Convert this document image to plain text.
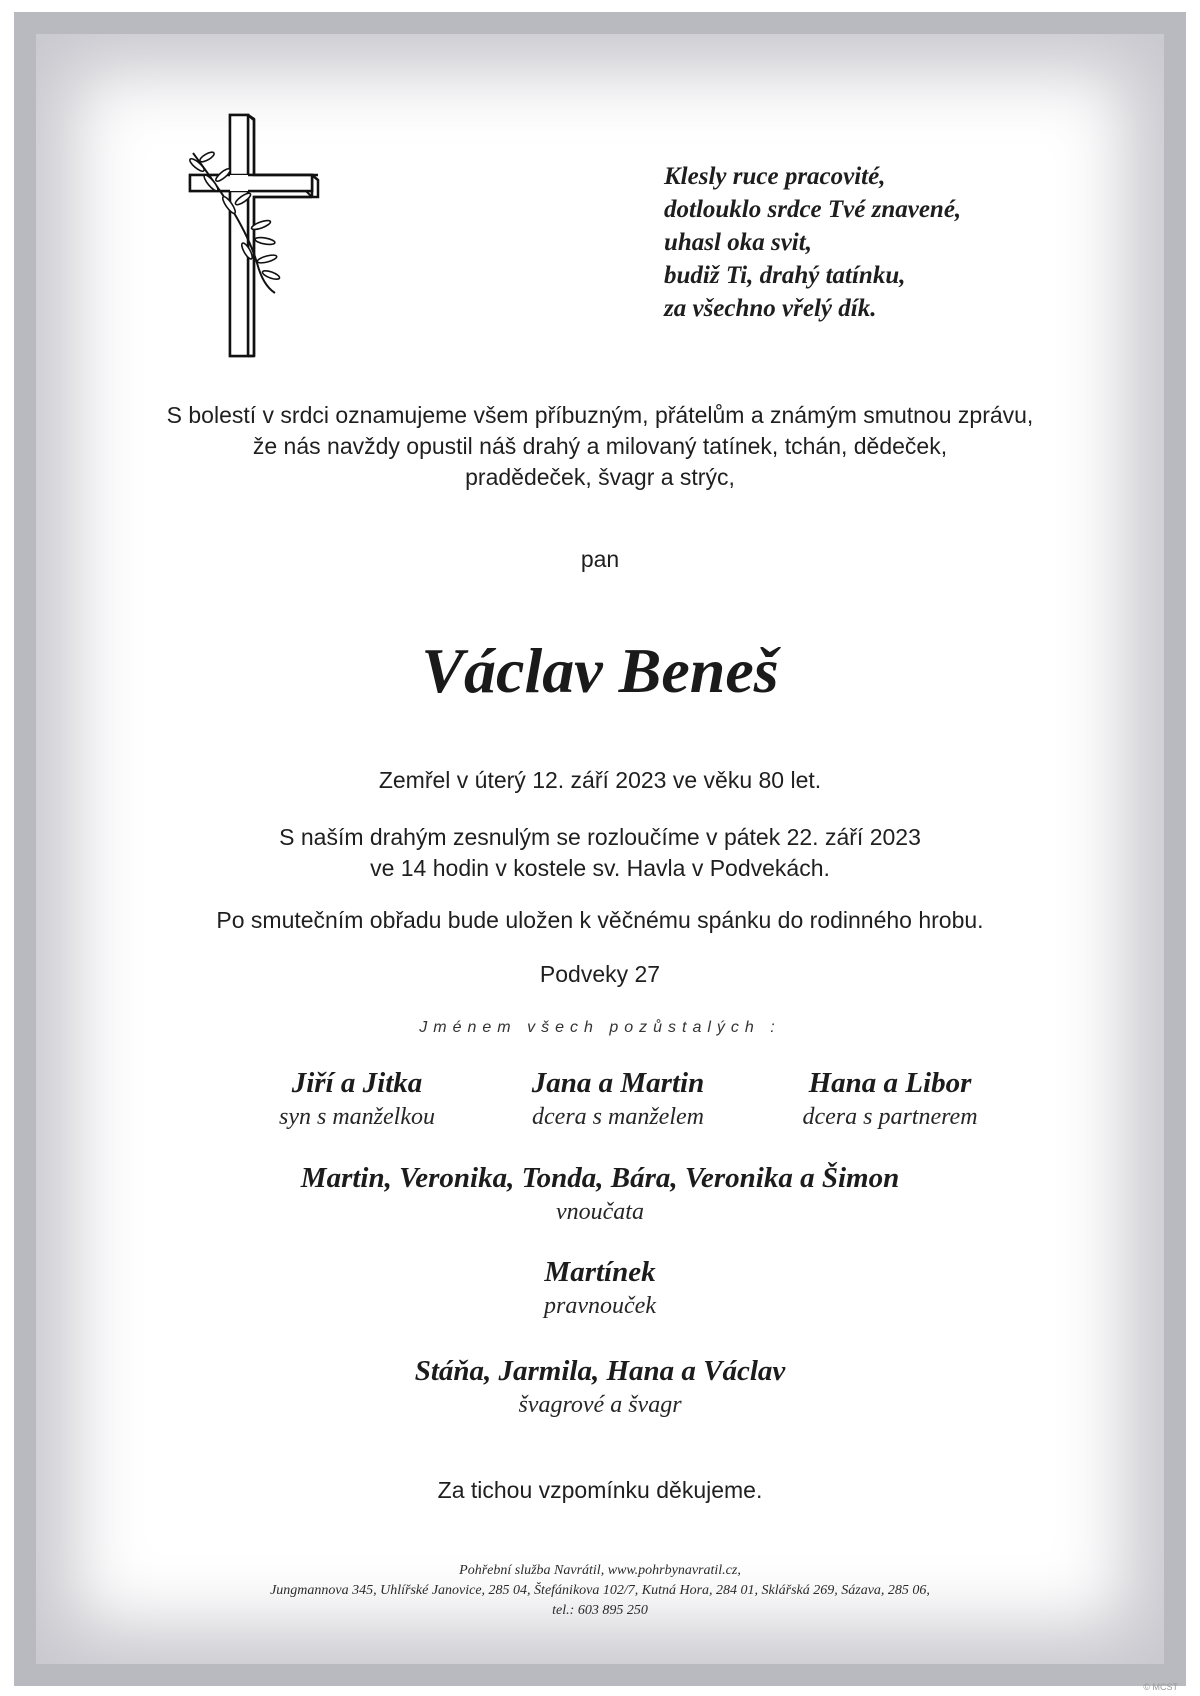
Klesly ruce pracovité,
dotlouklo srdce Tvé znavené,
uhasl oka svit,
budiž Ti, drahý tatínku,
za všechno vřelý dík.
S bolestí v srdci oznamujeme všem příbuzným, přátelům a známým smutnou zprávu,
že nás navždy opustil náš drahý a milovaný tatínek, tchán, dědeček,
pradědeček, švagr a strýc,
pan
Václav Beneš
Zemřel v úterý 12. září 2023 ve věku 80 let.
S naším drahým zesnulým se rozloučíme v pátek 22. září 2023
ve 14 hodin v kostele sv. Havla v Podvekách.
Po smutečním obřadu bude uložen k věčnému spánku do rodinného hrobu.
Podveky 27
Jménem všech pozůstalých :
Jiří a Jitka
syn s manželkou
Jana a Martin
dcera s manželem
Hana a Libor
dcera s partnerem
Martin, Veronika, Tonda, Bára, Veronika a Šimon
vnoučata
Martínek
pravnouček
Stáňa, Jarmila, Hana a Václav
švagrové a švagr
Za tichou vzpomínku děkujeme.
Pohřební služba Navrátil, www.pohrbynavratil.cz,
Jungmannova 345, Uhlířské Janovice, 285 04, Štefánikova 102/7, Kutná Hora, 284 01, Sklářská 269, Sázava, 285 06,
tel.: 603 895 250
© MCST
